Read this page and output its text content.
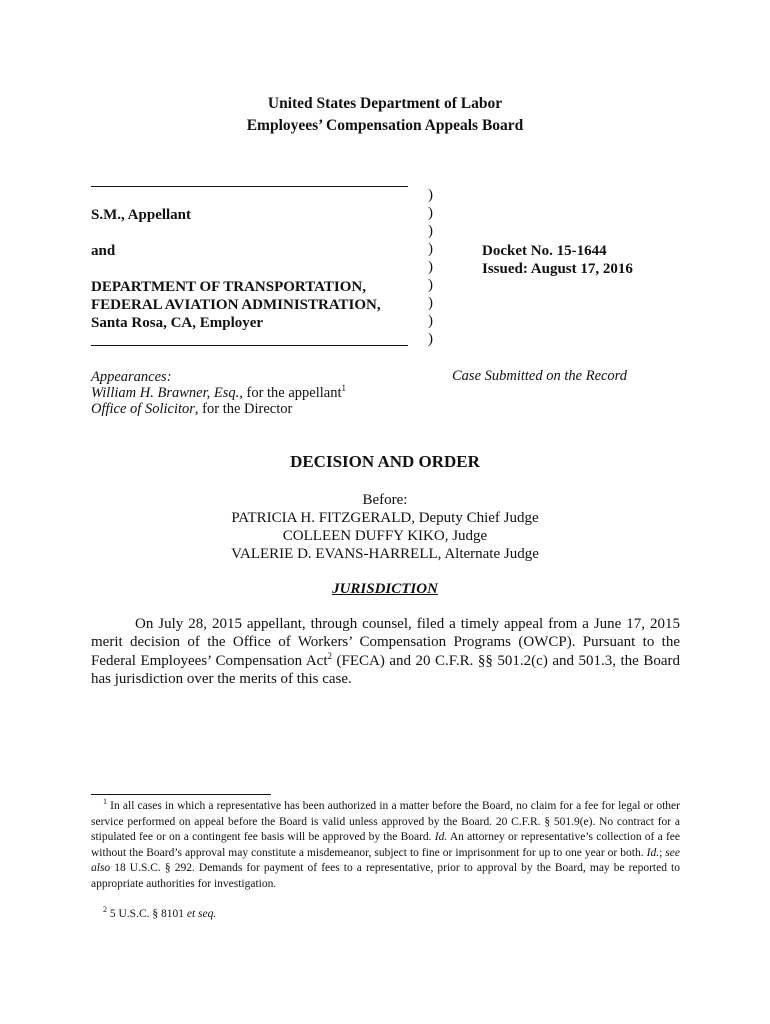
United States Department of Labor
Employees’ Compensation Appeals Board
S.M., Appellant
and
DEPARTMENT OF TRANSPORTATION,
FEDERAL AVIATION ADMINISTRATION,
Santa Rosa, CA, Employer
)
)
)
)
)
)
)
)
)
Docket No. 15-1644
Issued: August 17, 2016
Appearances:
William H. Brawner, Esq., for the appellant$^1$
Office of Solicitor, for the Director
Case Submitted on the Record
DECISION AND ORDER
Before:
PATRICIA H. FITZGERALD, Deputy Chief Judge
COLLEEN DUFFY KIKO, Judge
VALERIE D. EVANS-HARRELL, Alternate Judge
JURISDICTION
On July 28, 2015 appellant, through counsel, filed a timely appeal from a June 17, 2015 merit decision of the Office of Workers’ Compensation Programs (OWCP). Pursuant to the Federal Employees’ Compensation Act$^2$ (FECA) and 20 C.F.R. §§ 501.2(c) and 501.3, the Board has jurisdiction over the merits of this case.
$^1$ In all cases in which a representative has been authorized in a matter before the Board, no claim for a fee for legal or other service performed on appeal before the Board is valid unless approved by the Board. 20 C.F.R. § 501.9(e). No contract for a stipulated fee or on a contingent fee basis will be approved by the Board. Id. An attorney or representative’s collection of a fee without the Board’s approval may constitute a misdemeanor, subject to fine or imprisonment for up to one year or both. Id.; see also 18 U.S.C. § 292. Demands for payment of fees to a representative, prior to approval by the Board, may be reported to appropriate authorities for investigation.
$^2$ 5 U.S.C. § 8101 et seq.
